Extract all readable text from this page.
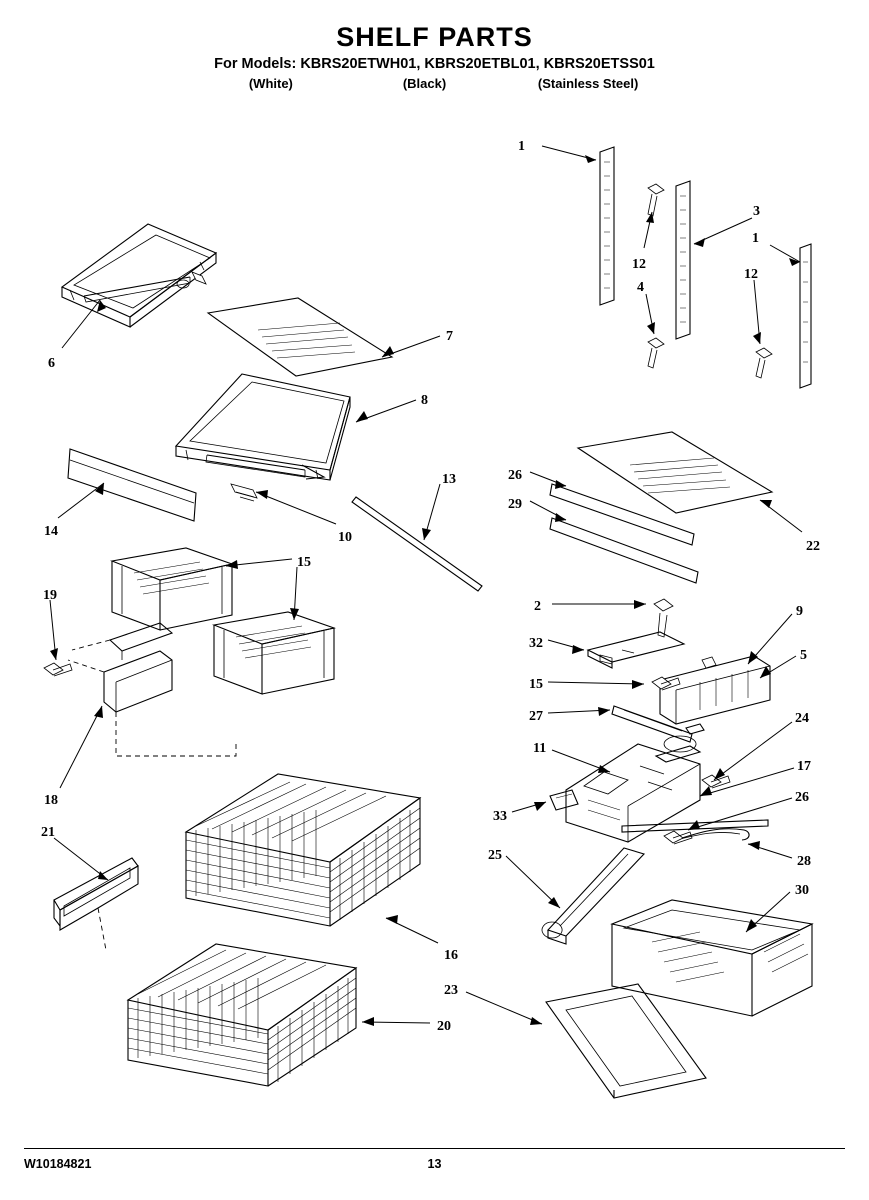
SHELF PARTS
For Models: KBRS20ETWH01, KBRS20ETBL01, KBRS20ETSS01
(White)	(Black)	(Stainless Steel)
1
3
1
12
12
4
6
7
8
26
29
22
14
13
10
15
19
2	9
32
5
15
27	24
11
17
18	26
33
21
25	28
30
16
23
20
W10184821	13
